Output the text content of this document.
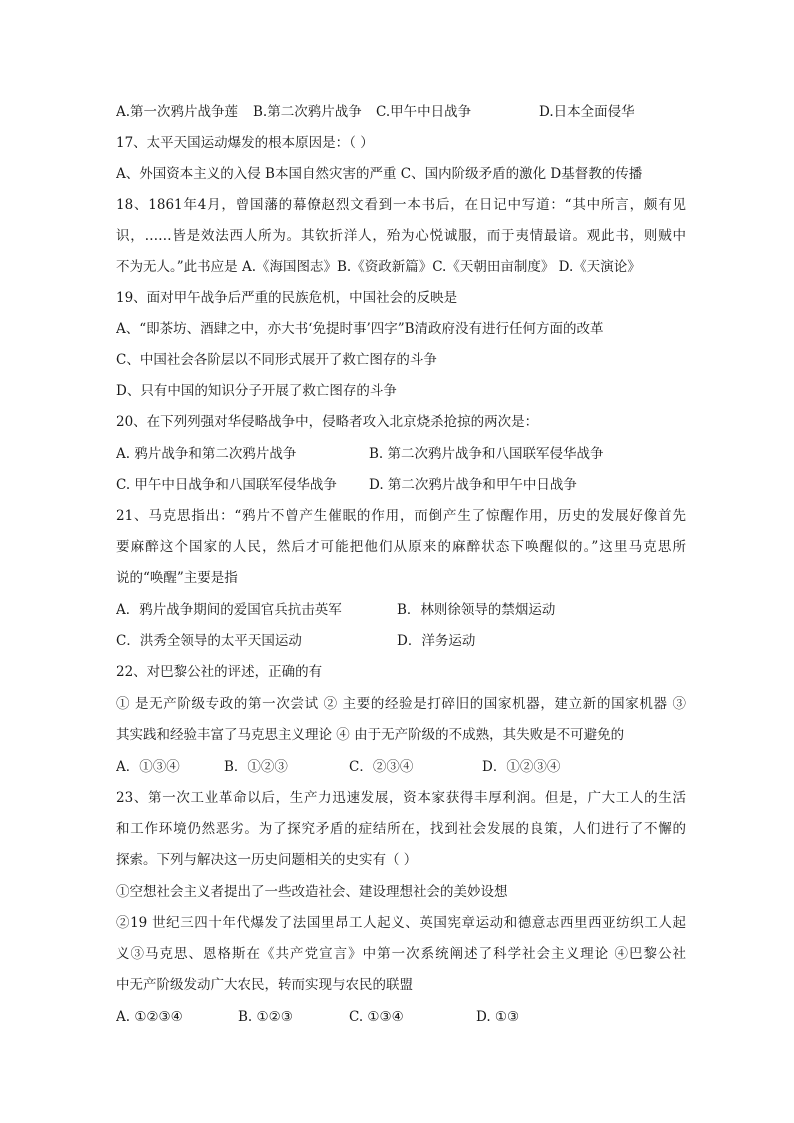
A.第一次鸦片战争莲 B.第二次鸦片战争 C.甲午中日战争	D.日本全面侵华
17、太平天国运动爆发的根本原因是：（ ）
A、外国资本主义的入侵 B本国自然灾害的严重 C、国内阶级矛盾的激化 D基督教的传播
18、1861年4月，曾国藩的幕僚赵烈文看到一本书后，在日记中写道：“其中所言，颇有见
识，……皆是效法西人所为。其钦折洋人，殆为心悦诚服，而于夷情最谙。观此书，则贼中
不为无人。”此书应是 A.《海国图志》B.《资政新篇》C.《天朝田亩制度》 D.《天演论》
19、面对甲午战争后严重的民族危机，中国社会的反映是
A、“即茶坊、酒肆之中，亦大书‘免提时事’四字”B清政府没有进行任何方面的改革
C、中国社会各阶层以不同形式展开了救亡图存的斗争
D、只有中国的知识分子开展了救亡图存的斗争
20、在下列列强对华侵略战争中，侵略者攻入北京烧杀抢掠的两次是：
A. 鸦片战争和第二次鸦片战争	B. 第二次鸦片战争和八国联军侵华战争
C. 甲午中日战争和八国联军侵华战争 D. 第二次鸦片战争和甲午中日战争
21、马克思指出：“鸦片不曾产生催眠的作用，而倒产生了惊醒作用，历史的发展好像首先
要麻醉这个国家的人民，然后才可能把他们从原来的麻醉状态下唤醒似的。”这里马克思所
说的“唤醒”主要是指
A．鸦片战争期间的爱国官兵抗击英军	B．林则徐领导的禁烟运动
C．洪秀全领导的太平天国运动	D．洋务运动
22、对巴黎公社的评述，正确的有
① 是无产阶级专政的第一次尝试 ② 主要的经验是打碎旧的国家机器，建立新的国家机器 ③
其实践和经验丰富了马克思主义理论 ④ 由于无产阶级的不成熟，其失败是不可避免的
A．①③④	B．①②③	C．②③④	D．①②③④
23、第一次工业革命以后，生产力迅速发展，资本家获得丰厚利润。但是，广大工人的生活
和工作环境仍然恶劣。为了探究矛盾的症结所在，找到社会发展的良策，人们进行了不懈的
探索。下列与解决这一历史问题相关的史实有（ ）
①空想社会主义者提出了一些改造社会、建设理想社会的美妙设想
②19 世纪三四十年代爆发了法国里昂工人起义、英国宪章运动和德意志西里西亚纺织工人起
义③马克思、恩格斯在《共产党宣言》中第一次系统阐述了科学社会主义理论 ④巴黎公社
中无产阶级发动广大农民，转而实现与农民的联盟
A. ①②③④	B. ①②③	C. ①③④	D. ①③
